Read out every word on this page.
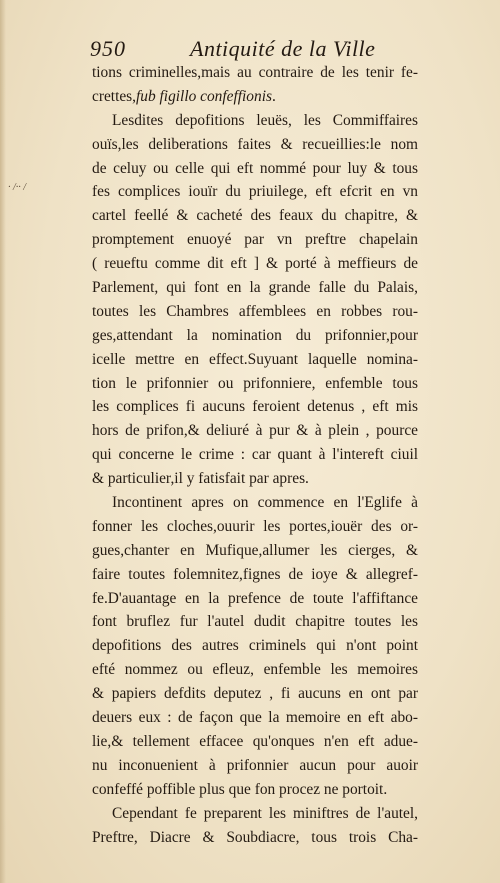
· /·· /
950	Antiquité de la Ville
tions criminelles,mais au contraire de les tenir fe-
crettes,fub figillo confeffionis.
Lesdites depofitions leuës, les Commiffaires
ouïs,les deliberations faites & recueillies:le nom
de celuy ou celle qui eft nommé pour luy & tous
fes complices iouïr du priuilege, eft efcrit en vn
cartel feellé & cacheté des feaux du chapitre, &
promptement enuoyé par vn preftre chapelain
( reueftu comme dit eft ] & porté à meffieurs de
Parlement, qui font en la grande falle du Palais,
toutes les Chambres affemblees en robbes rou-
ges,attendant la nomination du prifonnier,pour
icelle mettre en effect.Suyuant laquelle nomina-
tion le prifonnier ou prifonniere, enfemble tous
les complices fi aucuns feroient detenus , eft mis
hors de prifon,& deliuré à pur & à plein , pource
qui concerne le crime : car quant à l'intereft ciuil
& particulier,il y fatisfait par apres.
Incontinent apres on commence en l'Eglife à
fonner les cloches,ouurir les portes,iouër des or-
gues,chanter en Mufique,allumer les cierges, &
faire toutes folemnitez,fignes de ioye & allegref-
fe.D'auantage en la prefence de toute l'affiftance
font bruflez fur l'autel dudit chapitre toutes les
depofitions des autres criminels qui n'ont point
efté nommez ou efleuz, enfemble les memoires
& papiers defdits deputez , fi aucuns en ont par
deuers eux : de façon que la memoire en eft abo-
lie,& tellement effacee qu'onques n'en eft adue-
nu inconuenient à prifonnier aucun pour auoir
confeffé poffible plus que fon procez ne portoit.
Cependant fe preparent les miniftres de l'autel,
Preftre, Diacre & Soubdiacre, tous trois Cha-
